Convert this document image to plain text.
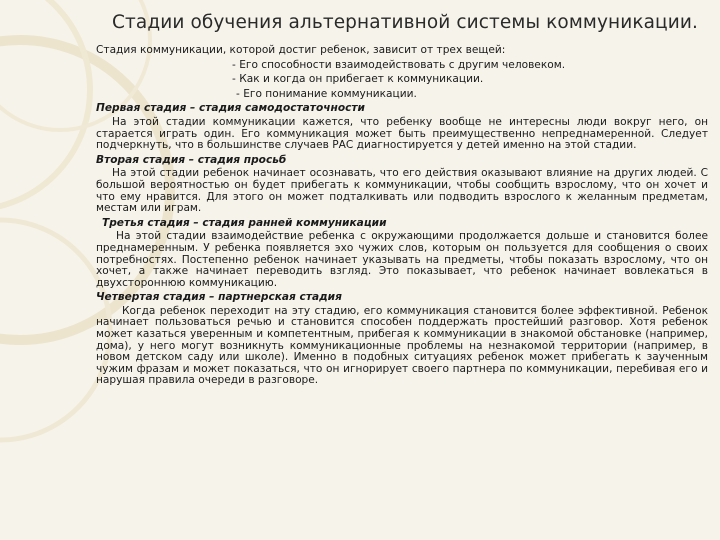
Стадии обучения альтернативной системы коммуникации.

Стадия коммуникации, которой достиг ребенок, зависит от трех вещей:

- Его способности взаимодействовать с другим человеком.

- Как и когда он прибегает к коммуникации.

- Его понимание коммуникации.

Первая стадия – стадия самодостаточности

На этой стадии коммуникации кажется, что ребенку вообще не интересны люди вокруг него, он старается играть один. Его коммуникация может быть преимущественно непреднамеренной. Следует подчеркнуть, что в большинстве случаев РАС диагностируется у детей именно на этой стадии.

Вторая стадия – стадия просьб

На этой стадии ребенок начинает осознавать, что его действия оказывают влияние на других людей. С большой вероятностью он будет прибегать к коммуникации, чтобы сообщить взрослому, что он хочет и что ему нравится. Для этого он может подталкивать или подводить взрослого к желанным предметам, местам или играм.

Третья стадия – стадия ранней коммуникации

На этой стадии взаимодействие ребенка с окружающими продолжается дольше и становится более преднамеренным. У ребенка появляется эхо чужих слов, которым он пользуется для сообщения о своих потребностях. Постепенно ребенок начинает указывать на предметы, чтобы показать взрослому, что он хочет, а также начинает переводить взгляд. Это показывает, что ребенок начинает вовлекаться в двухстороннюю коммуникацию.

Четвертая стадия – партнерская стадия

Когда ребенок переходит на эту стадию, его коммуникация становится более эффективной. Ребенок начинает пользоваться речью и становится способен поддержать простейший разговор. Хотя ребенок может казаться уверенным и компетентным, прибегая к коммуникации в знакомой обстановке (например, дома), у него могут возникнуть коммуникационные проблемы на незнакомой территории (например, в новом детском саду или школе). Именно в подобных ситуациях ребенок может прибегать к заученным чужим фразам и может показаться, что он игнорирует своего партнера по коммуникации, перебивая его и нарушая правила очереди в разговоре.
